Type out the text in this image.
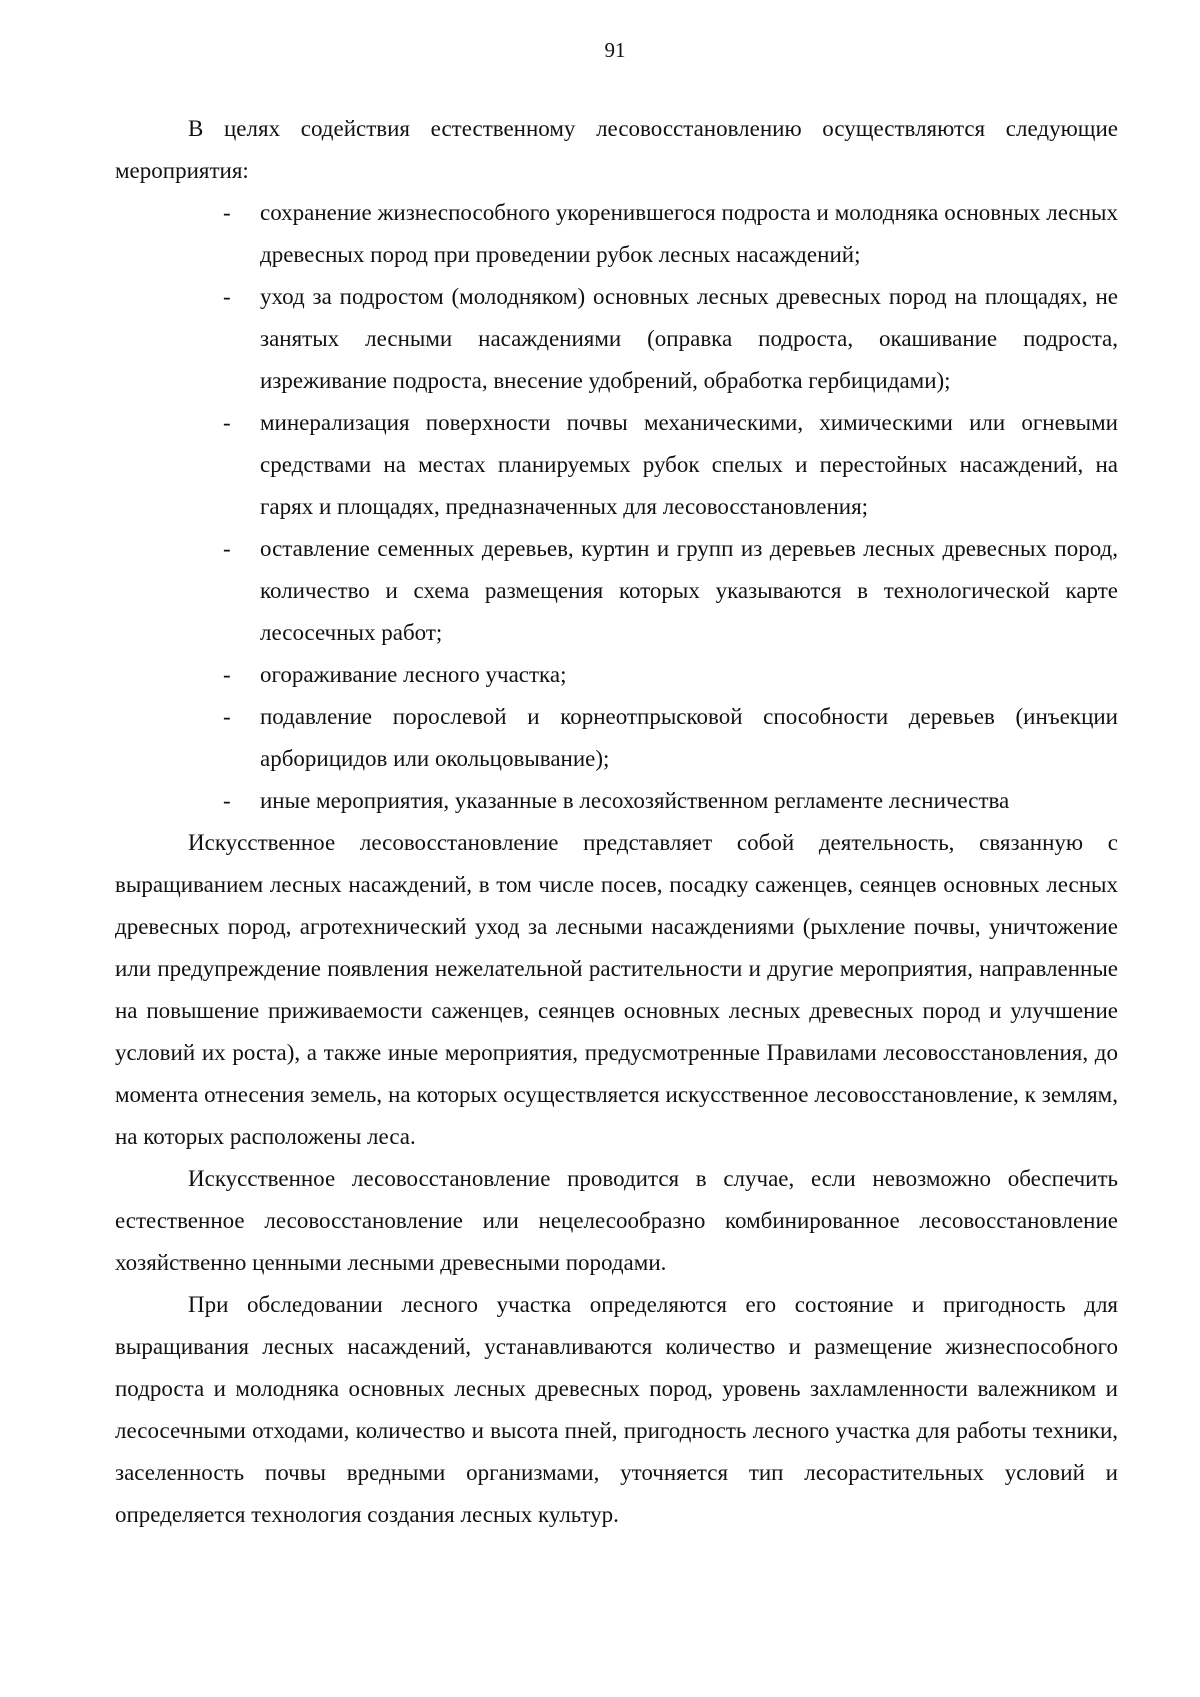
91

В целях содействия естественному лесовосстановлению осуществляются следующие мероприятия:

- сохранение жизнеспособного укоренившегося подроста и молодняка основных лесных древесных пород при проведении рубок лесных насаждений;
- уход за подростом (молодняком) основных лесных древесных пород на площадях, не занятых лесными насаждениями (оправка подроста, окашивание подроста, изреживание подроста, внесение удобрений, обработка гербицидами);
- минерализация поверхности почвы механическими, химическими или огневыми средствами на местах планируемых рубок спелых и перестойных насаждений, на гарях и площадях, предназначенных для лесовосстановления;
- оставление семенных деревьев, куртин и групп из деревьев лесных древесных пород, количество и схема размещения которых указываются в технологической карте лесосечных работ;
- огораживание лесного участка;
- подавление порослевой и корнеотпрысковой способности деревьев (инъекции арборицидов или окольцовывание);
- иные мероприятия, указанные в лесохозяйственном регламенте лесничества

Искусственное лесовосстановление представляет собой деятельность, связанную с выращиванием лесных насаждений, в том числе посев, посадку саженцев, сеянцев основных лесных древесных пород, агротехнический уход за лесными насаждениями (рыхление почвы, уничтожение или предупреждение появления нежелательной растительности и другие мероприятия, направленные на повышение приживаемости саженцев, сеянцев основных лесных древесных пород и улучшение условий их роста), а также иные мероприятия, предусмотренные Правилами лесовосстановления, до момента отнесения земель, на которых осуществляется искусственное лесовосстановление, к землям, на которых расположены леса.

Искусственное лесовосстановление проводится в случае, если невозможно обеспечить естественное лесовосстановление или нецелесообразно комбинированное лесовосстановление хозяйственно ценными лесными древесными породами.

При обследовании лесного участка определяются его состояние и пригодность для выращивания лесных насаждений, устанавливаются количество и размещение жизнеспособного подроста и молодняка основных лесных древесных пород, уровень захламленности валежником и лесосечными отходами, количество и высота пней, пригодность лесного участка для работы техники, заселенность почвы вредными организмами, уточняется тип лесорастительных условий и определяется технология создания лесных культур.
